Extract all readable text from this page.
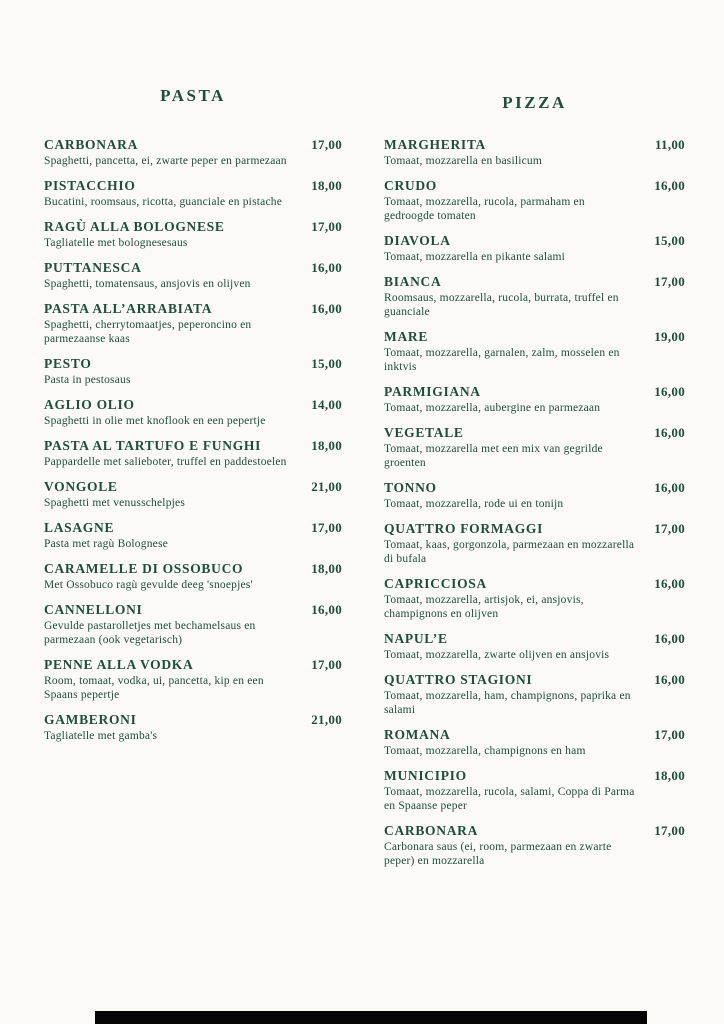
PASTA
CARBONARA	17,00
Spaghetti, pancetta, ei, zwarte peper en parmezaan
PISTACCHIO	18,00
Bucatini, roomsaus, ricotta, guanciale en pistache
RAGÙ ALLA BOLOGNESE	17,00
Tagliatelle met bolognesesaus
PUTTANESCA	16,00
Spaghetti, tomatensaus, ansjovis en olijven
PASTA ALL’ARRABIATA	16,00
Spaghetti, cherrytomaatjes, peperoncino en parmezaanse kaas
PESTO	15,00
Pasta in pestosaus
AGLIO OLIO	14,00
Spaghetti in olie met knoflook en een pepertje
PASTA AL TARTUFO E FUNGHI	18,00
Pappardelle met salieboter, truffel en paddestoelen
VONGOLE	21,00
Spaghetti met venusschelpjes
LASAGNE	17,00
Pasta met ragù Bolognese
CARAMELLE DI OSSOBUCO	18,00
Met Ossobuco ragù gevulde deeg 'snoepjes'
CANNELLONI	16,00
Gevulde pastarolletjes met bechamelsaus en parmezaan (ook vegetarisch)
PENNE ALLA VODKA	17,00
Room, tomaat, vodka, ui, pancetta, kip en een Spaans pepertje
GAMBERONI	21,00
Tagliatelle met gamba's
PIZZA
MARGHERITA	11,00
Tomaat, mozzarella en basilicum
CRUDO	16,00
Tomaat, mozzarella, rucola, parmaham en gedroogde tomaten
DIAVOLA	15,00
Tomaat, mozzarella en pikante salami
BIANCA	17,00
Roomsaus, mozzarella, rucola, burrata, truffel en guanciale
MARE	19,00
Tomaat, mozzarella, garnalen, zalm, mosselen en inktvis
PARMIGIANA	16,00
Tomaat, mozzarella, aubergine en parmezaan
VEGETALE	16,00
Tomaat, mozzarella met een mix van gegrilde groenten
TONNO	16,00
Tomaat, mozzarella, rode ui en tonijn
QUATTRO FORMAGGI	17,00
Tomaat, kaas, gorgonzola, parmezaan en mozzarella di bufala
CAPRICCIOSA	16,00
Tomaat, mozzarella, artisjok, ei, ansjovis, champignons en olijven
NAPUL’E	16,00
Tomaat, mozzarella, zwarte olijven en ansjovis
QUATTRO STAGIONI	16,00
Tomaat, mozzarella, ham, champignons, paprika en salami
ROMANA	17,00
Tomaat, mozzarella, champignons en ham
MUNICIPIO	18,00
Tomaat, mozzarella, rucola, salami, Coppa di Parma en Spaanse peper
CARBONARA	17,00
Carbonara saus (ei, room, parmezaan en zwarte peper) en mozzarella
